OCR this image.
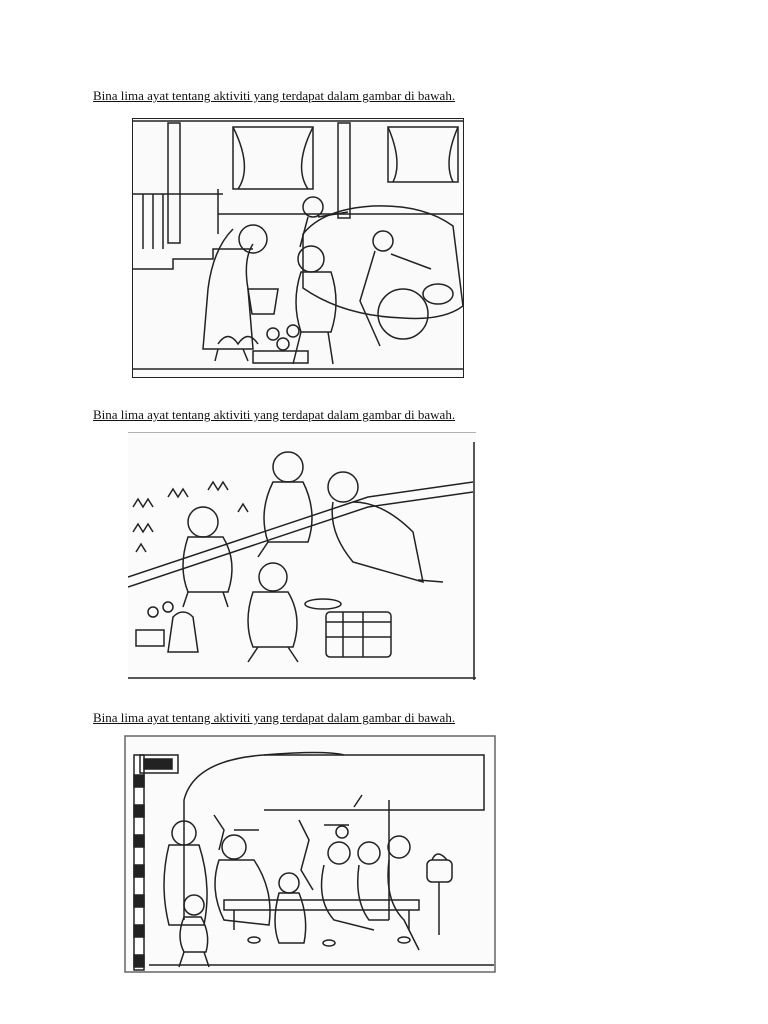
Bina lima ayat tentang aktiviti yang terdapat dalam gambar di bawah.
Bina lima ayat tentang aktiviti yang terdapat dalam gambar di bawah.
Bina lima ayat tentang aktiviti yang terdapat dalam gambar di bawah.
